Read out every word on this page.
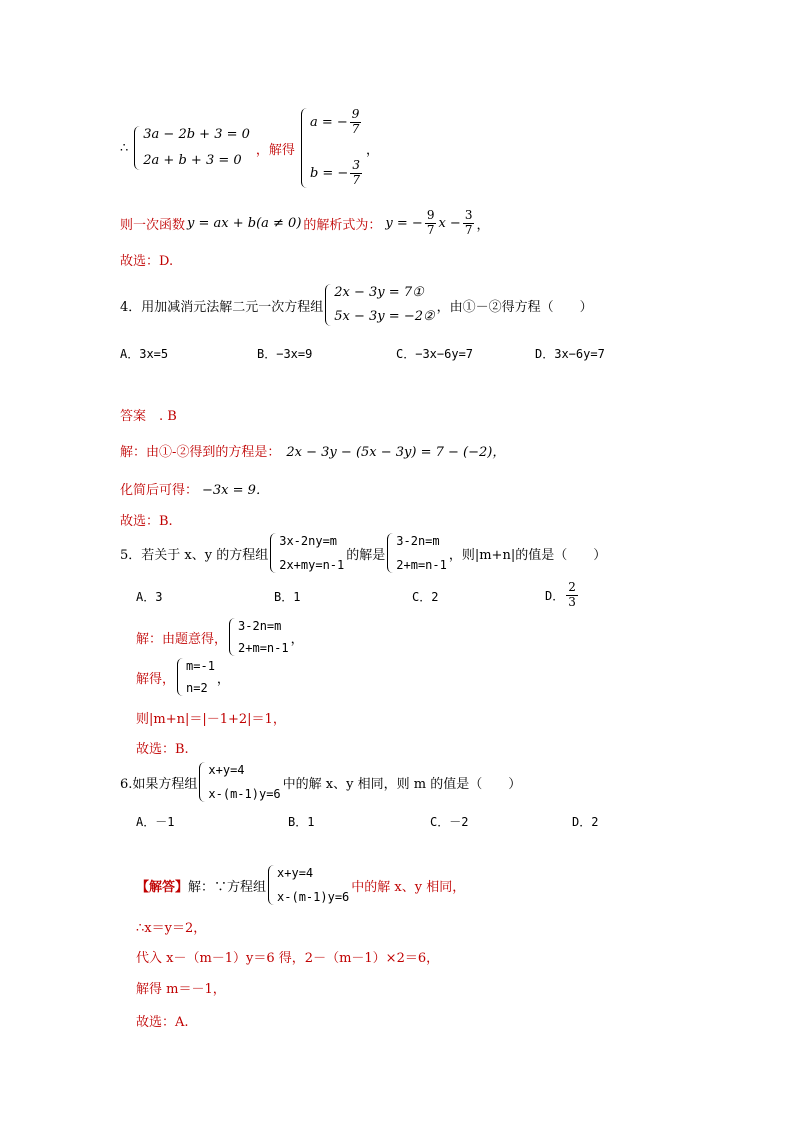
∴
3a − 2b + 3 = 0
2a + b + 3 = 0
，解得
a = − $\frac{9}{7}$
b = − $\frac{3}{7}$
，
则一次函数 y = ax + b(a ≠ 0) 的解析式为： y = − $\frac{9}{7}$ $x - \frac{3}{7}$ ，
故选：D.
4．用加减消元法解二元一次方程组
2x − 3y = 7①
5x − 3y = −2②
，由①－②得方程（　　）
A．3x=5	B．−3x=9	C．−3x−6y=7	D．3x−6y=7
答案　. B
解：由①-②得到的方程是： 2x − 3y − (5x − 3y) = 7 − (−2)，
化简后可得： −3x = 9．
故选：B.
5．若关于 x、y 的方程组
3x-2ny=m
2x+my=n-1
的解是
3-2n=m
2+m=n-1
，则|m+n|的值是（　　）
A．3	B．1	C．2	D． $\frac{2}{3}$
解：由题意得，
3-2n=m
2+m=n-1
，
解得，
m=-1
n=2
，
则|m+n|＝|－1+2|＝1，
故选：B.
6.如果方程组
x+y=4
x-(m-1)y=6
中的解 x、y 相同，则 m 的值是（　　）
A．－1	B．1	C．－2	D．2
【解答】 解：∵方程组
x+y=4
x-(m-1)y=6
中的解 x、y 相同，
∴x＝y＝2，
代入 x－（m－1）y＝6 得，2－（m－1）×2＝6，
解得 m＝－1，
故选：A.
